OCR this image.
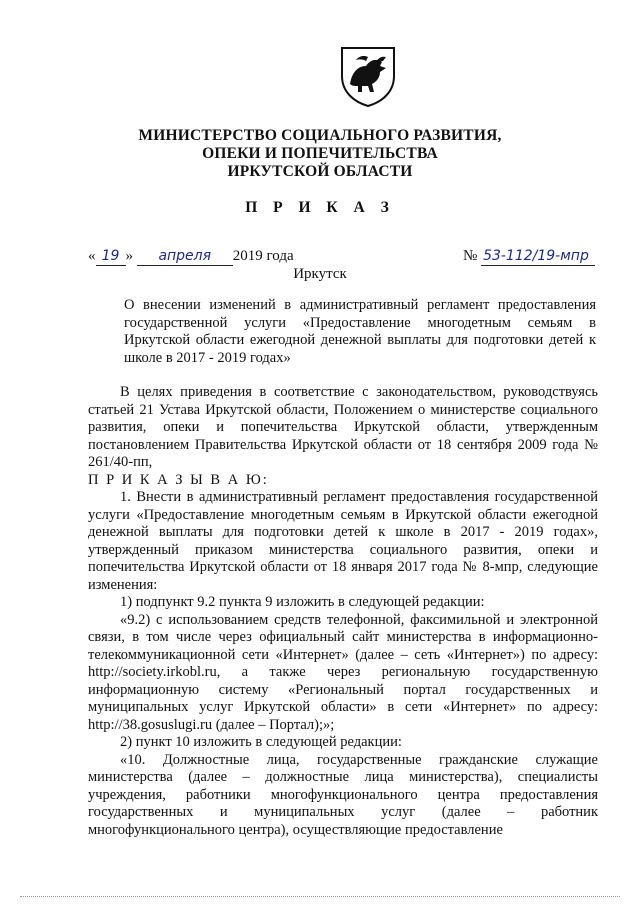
МИНИСТЕРСТВО СОЦИАЛЬНОГО РАЗВИТИЯ,
ОПЕКИ И ПОПЕЧИТЕЛЬСТВА
ИРКУТСКОЙ ОБЛАСТИ
П Р И К А З
« 19 » апреля 2019 года	№ 53-112/19-мпр
Иркутск
О внесении изменений в административный регламент предоставления государственной услуги «Предоставление многодетным семьям в Иркутской области ежегодной денежной выплаты для подготовки детей к школе в 2017 - 2019 годах»

В целях приведения в соответствие с законодательством, руководствуясь статьей 21 Устава Иркутской области, Положением о министерстве социального развития, опеки и попечительства Иркутской области, утвержденным постановлением Правительства Иркутской области от 18 сентября 2009 года № 261/40-пп,

П Р И К А З Ы В А Ю:

1. Внести в административный регламент предоставления государственной услуги «Предоставление многодетным семьям в Иркутской области ежегодной денежной выплаты для подготовки детей к школе в 2017 - 2019 годах», утвержденный приказом министерства социального развития, опеки и попечительства Иркутской области от 18 января 2017 года № 8-мпр, следующие изменения:

1) подпункт 9.2 пункта 9 изложить в следующей редакции:

«9.2) с использованием средств телефонной, факсимильной и электронной связи, в том числе через официальный сайт министерства в информационно-телекоммуникационной сети «Интернет» (далее – сеть «Интернет») по адресу: http://society.irkobl.ru, а также через региональную государственную информационную систему «Региональный портал государственных и муниципальных услуг Иркутской области» в сети «Интернет» по адресу: http://38.gosuslugi.ru (далее – Портал);»;

2) пункт 10 изложить в следующей редакции:

«10. Должностные лица, государственные гражданские служащие министерства (далее – должностные лица министерства), специалисты учреждения, работники многофункционального центра предоставления государственных и муниципальных услуг (далее – работник многофункционального центра), осуществляющие предоставление
